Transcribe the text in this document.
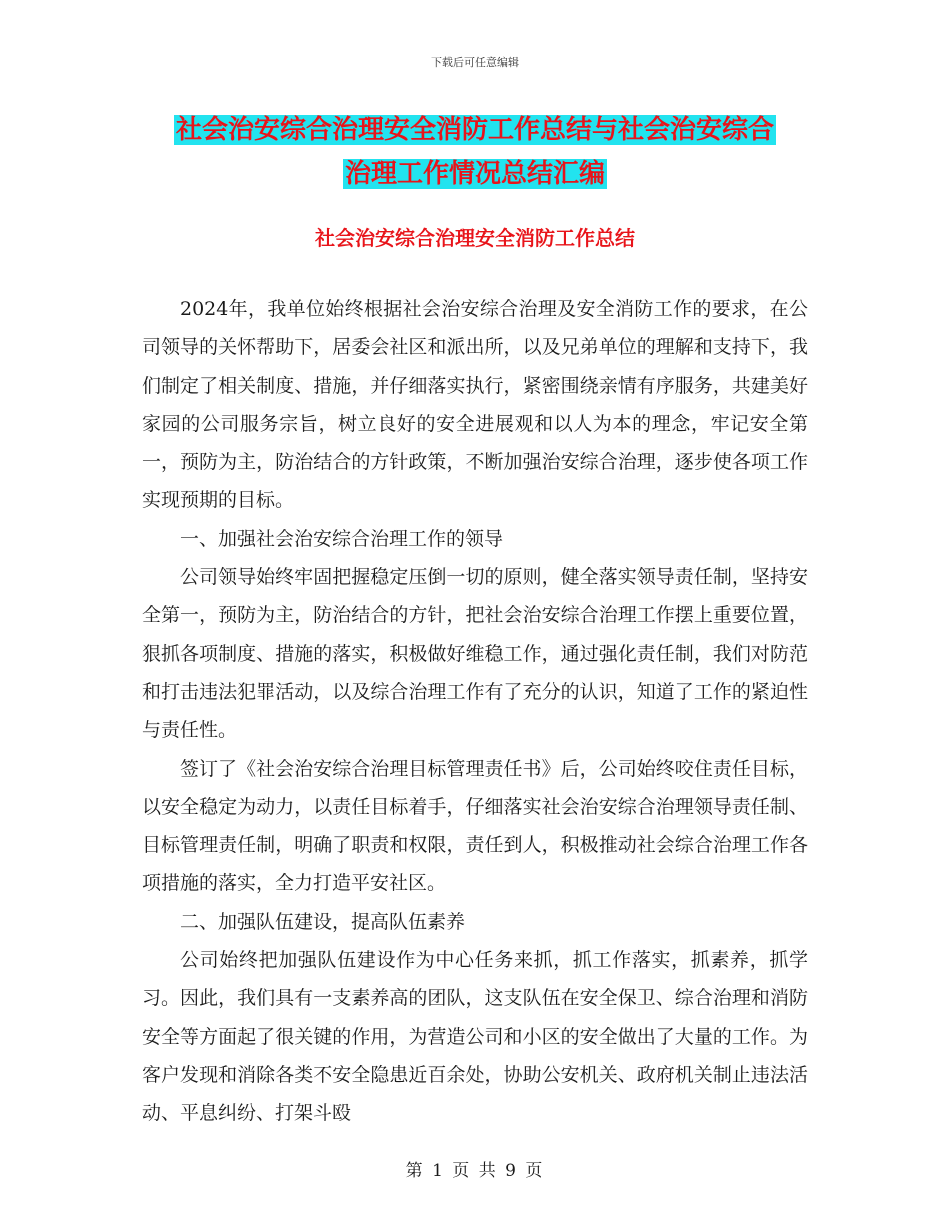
下载后可任意编辑
社会治安综合治理安全消防工作总结与社会治安综合
治理工作情况总结汇编
社会治安综合治理安全消防工作总结

2024年，我单位始终根据社会治安综合治理及安全消防工作的要求，在公司领导的关怀帮助下，居委会社区和派出所，以及兄弟单位的理解和支持下，我们制定了相关制度、措施，并仔细落实执行，紧密围绕亲情有序服务，共建美好家园的公司服务宗旨，树立良好的安全进展观和以人为本的理念，牢记安全第一，预防为主，防治结合的方针政策，不断加强治安综合治理，逐步使各项工作实现预期的目标。

一、加强社会治安综合治理工作的领导

公司领导始终牢固把握稳定压倒一切的原则，健全落实领导责任制，坚持安全第一，预防为主，防治结合的方针，把社会治安综合治理工作摆上重要位置，狠抓各项制度、措施的落实，积极做好维稳工作，通过强化责任制，我们对防范和打击违法犯罪活动，以及综合治理工作有了充分的认识，知道了工作的紧迫性与责任性。

签订了《社会治安综合治理目标管理责任书》后，公司始终咬住责任目标，以安全稳定为动力，以责任目标着手，仔细落实社会治安综合治理领导责任制、目标管理责任制，明确了职责和权限，责任到人，积极推动社会综合治理工作各项措施的落实，全力打造平安社区。

二、加强队伍建设，提高队伍素养

公司始终把加强队伍建设作为中心任务来抓，抓工作落实，抓素养，抓学习。因此，我们具有一支素养高的团队，这支队伍在安全保卫、综合治理和消防安全等方面起了很关键的作用，为营造公司和小区的安全做出了大量的工作。为客户发现和消除各类不安全隐患近百余处，协助公安机关、政府机关制止违法活动、平息纠纷、打架斗殴

第 1 页 共 9 页
